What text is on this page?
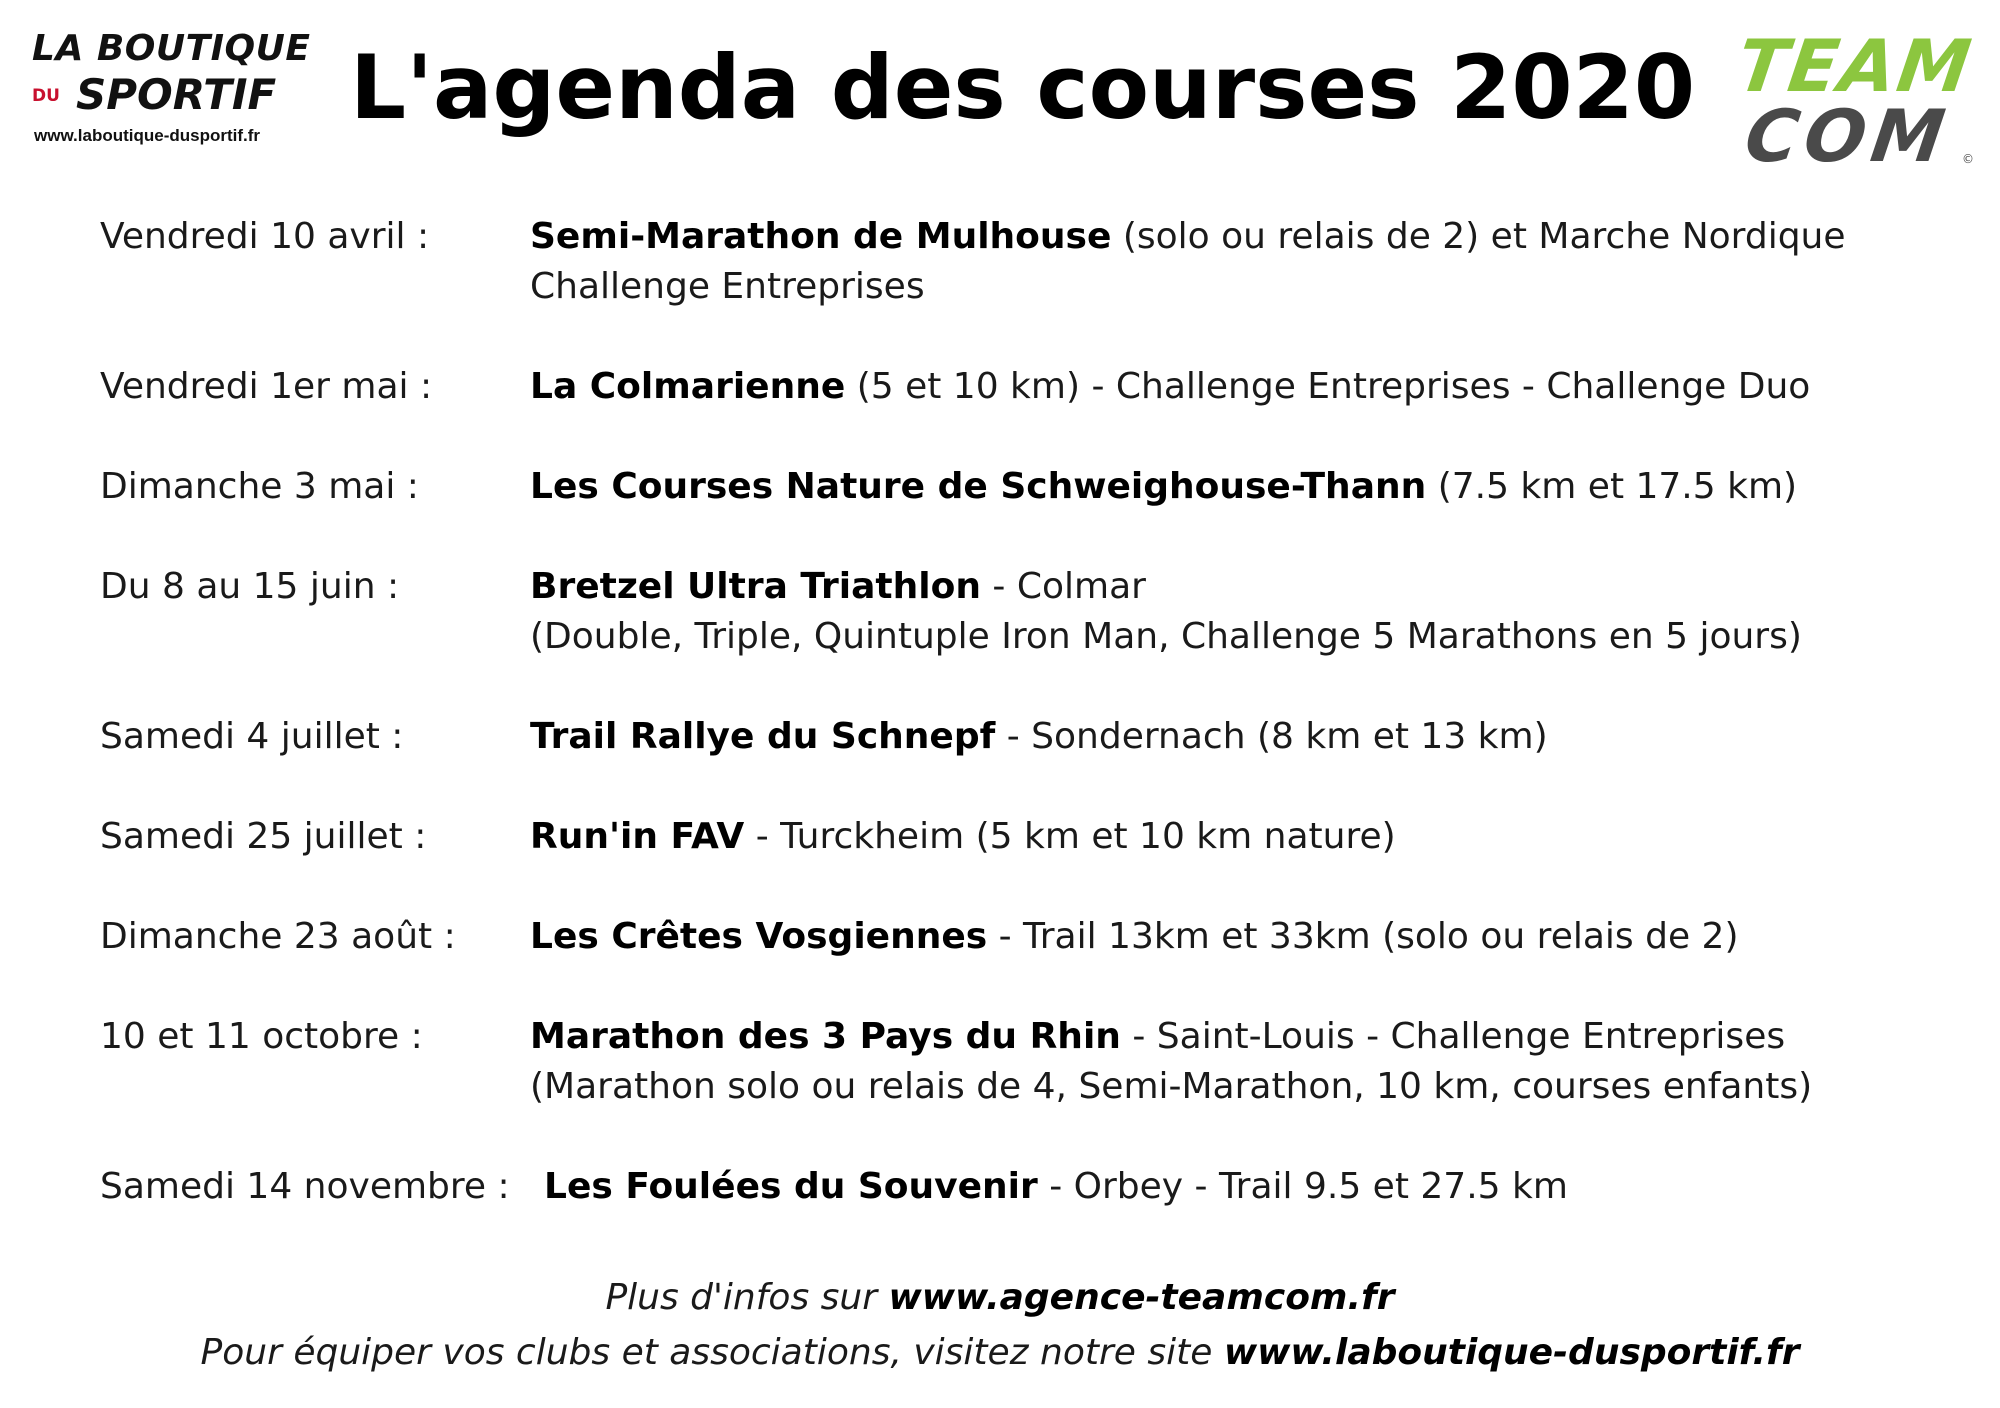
LA BOUTIQUE
DU SPORTIF
www.laboutique-dusportif.fr L'agenda des courses 2020 TEAM
COM ©
Vendredi 10 avril :	Semi-Marathon de Mulhouse (solo ou relais de 2) et Marche Nordique
Challenge Entreprises
Vendredi 1er mai :	La Colmarienne (5 et 10 km) - Challenge Entreprises - Challenge Duo
Dimanche 3 mai :	Les Courses Nature de Schweighouse-Thann (7.5 km et 17.5 km)
Du 8 au 15 juin :	Bretzel Ultra Triathlon - Colmar
(Double, Triple, Quintuple Iron Man, Challenge 5 Marathons en 5 jours)
Samedi 4 juillet :	Trail Rallye du Schnepf - Sondernach (8 km et 13 km)
Samedi 25 juillet :	Run'in FAV - Turckheim (5 km et 10 km nature)
Dimanche 23 août : Les Crêtes Vosgiennes - Trail 13km et 33km (solo ou relais de 2)
10 et 11 octobre :	Marathon des 3 Pays du Rhin - Saint-Louis - Challenge Entreprises
(Marathon solo ou relais de 4, Semi-Marathon, 10 km, courses enfants)
Samedi 14 novembre : Les Foulées du Souvenir - Orbey - Trail 9.5 et 27.5 km
Plus d'infos sur www.agence-teamcom.fr
Pour équiper vos clubs et associations, visitez notre site www.laboutique-dusportif.fr
